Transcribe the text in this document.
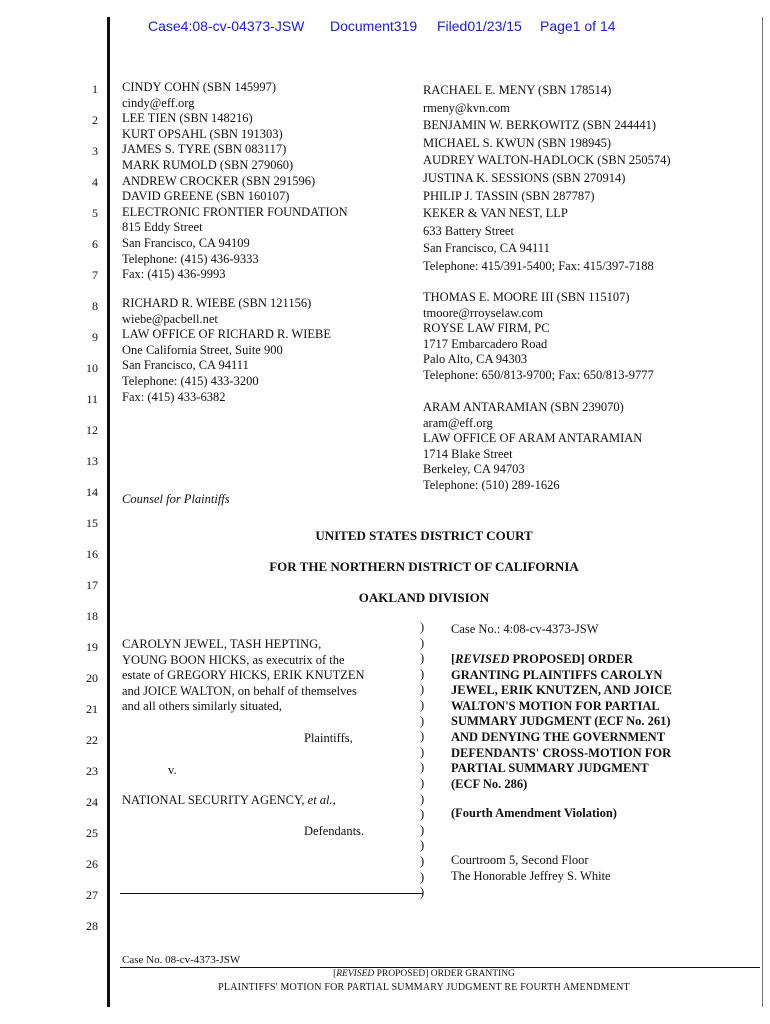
Case4:08-cv-04373-JSW Document319 Filed01/23/15 Page1 of 14
1
2
3
4
5
6
7
8
9
10
11
12
13
14
15
16
17
18
19
20
21
22
23
24
25
26
27
28
CINDY COHN (SBN 145997)
cindy@eff.org
LEE TIEN (SBN 148216)
KURT OPSAHL (SBN 191303)
JAMES S. TYRE (SBN 083117)
MARK RUMOLD (SBN 279060)
ANDREW CROCKER (SBN 291596)
DAVID GREENE (SBN 160107)
ELECTRONIC FRONTIER FOUNDATION
815 Eddy Street
San Francisco, CA 94109
Telephone: (415) 436-9333
Fax: (415) 436-9993
RICHARD R. WIEBE (SBN 121156)
wiebe@pacbell.net
LAW OFFICE OF RICHARD R. WIEBE
One California Street, Suite 900
San Francisco, CA 94111
Telephone: (415) 433-3200
Fax: (415) 433-6382
Counsel for Plaintiffs
RACHAEL E. MENY (SBN 178514)
rmeny@kvn.com
BENJAMIN W. BERKOWITZ (SBN 244441)
MICHAEL S. KWUN (SBN 198945)
AUDREY WALTON-HADLOCK (SBN 250574)
JUSTINA K. SESSIONS (SBN 270914)
PHILIP J. TASSIN (SBN 287787)
KEKER & VAN NEST, LLP
633 Battery Street
San Francisco, CA 94111
Telephone: 415/391-5400; Fax: 415/397-7188
THOMAS E. MOORE III (SBN 115107)
tmoore@rroyselaw.com
ROYSE LAW FIRM, PC
1717 Embarcadero Road
Palo Alto, CA 94303
Telephone: 650/813-9700; Fax: 650/813-9777
ARAM ANTARAMIAN (SBN 239070)
aram@eff.org
LAW OFFICE OF ARAM ANTARAMIAN
1714 Blake Street
Berkeley, CA 94703
Telephone: (510) 289-1626
UNITED STATES DISTRICT COURT
FOR THE NORTHERN DISTRICT OF CALIFORNIA
OAKLAND DIVISION
CAROLYN JEWEL, TASH HEPTING,
YOUNG BOON HICKS, as executrix of the
estate of GREGORY HICKS, ERIK KNUTZEN
and JOICE WALTON, on behalf of themselves
and all others similarly situated,
Plaintiffs,
v.
NATIONAL SECURITY AGENCY, et al.,
Defendants.
)
)
)
)
)
)
)
)
)
)
)
)
)
)
)
)
)
)
Case No.: 4:08-cv-4373-JSW
[REVISED PROPOSED] ORDER
GRANTING PLAINTIFFS CAROLYN
JEWEL, ERIK KNUTZEN, AND JOICE
WALTON'S MOTION FOR PARTIAL
SUMMARY JUDGMENT (ECF No. 261)
AND DENYING THE GOVERNMENT
DEFENDANTS' CROSS-MOTION FOR
PARTIAL SUMMARY JUDGMENT
(ECF No. 286)
(Fourth Amendment Violation)
Courtroom 5, Second Floor
The Honorable Jeffrey S. White
Case No. 08-cv-4373-JSW
[REVISED PROPOSED] ORDER GRANTING
PLAINTIFFS' MOTION FOR PARTIAL SUMMARY JUDGMENT RE FOURTH AMENDMENT
